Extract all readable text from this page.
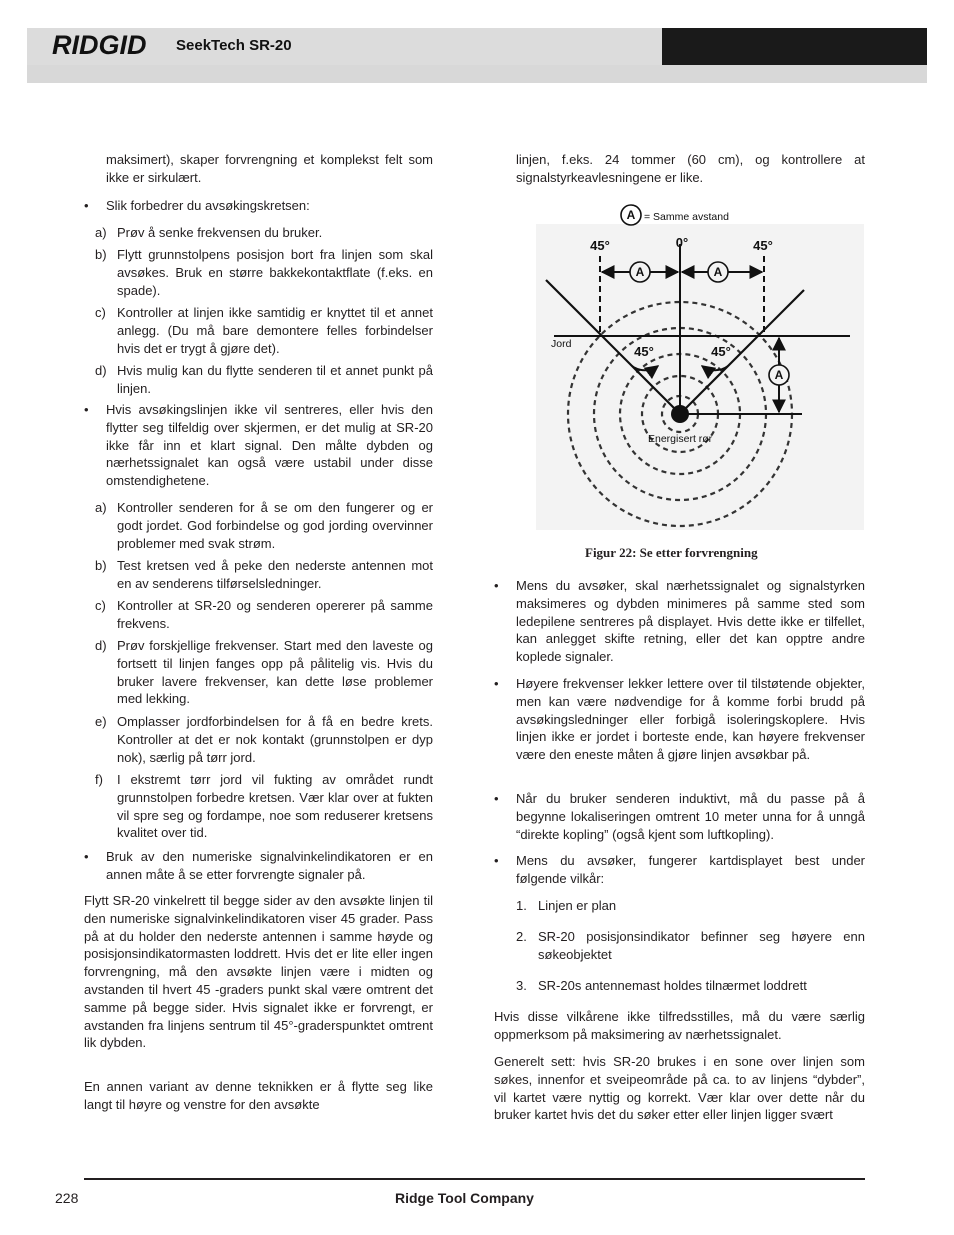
RIDGID SeekTech SR-20

maksimert), skaper forvrengning et komplekst felt som ikke er sirkulært.

• Slik forbedrer du avsøkingskretsen:

a) Prøv å senke frekvensen du bruker.

b) Flytt grunnstolpens posisjon bort fra linjen som skal avsøkes. Bruk en større bakkekontaktflate (f.eks. en spade).

c) Kontroller at linjen ikke samtidig er knyttet til et annet anlegg. (Du må bare demontere felles forbindelser hvis det er trygt å gjøre det).

d) Hvis mulig kan du flytte senderen til et annet punkt på linjen.

• Hvis avsøkingslinjen ikke vil sentreres, eller hvis den flytter seg tilfeldig over skjermen, er det mulig at SR-20 ikke får inn et klart signal. Den målte dybden og nærhetssignalet kan også være ustabil under disse omstendighetene.

a) Kontroller senderen for å se om den fungerer og er godt jordet. God forbindelse og god jording overvinner problemer med svak strøm.

b) Test kretsen ved å peke den nederste antennen mot en av senderens tilførselsledninger.

c) Kontroller at SR-20 og senderen opererer på samme frekvens.

d) Prøv forskjellige frekvenser. Start med den laveste og fortsett til linjen fanges opp på pålitelig vis. Hvis du bruker lavere frekvenser, kan dette løse problemer med lekking.

e) Omplasser jordforbindelsen for å få en bedre krets. Kontroller at det er nok kontakt (grunnstolpen er dyp nok), særlig på tørr jord.

f) I ekstremt tørr jord vil fukting av området rundt grunnstolpen forbedre kretsen. Vær klar over at fukten vil spre seg og fordampe, noe som reduserer kretsens kvalitet over tid.

• Bruk av den numeriske signalvinkelindikatoren er en annen måte å se etter forvrengte signaler på.

Flytt SR-20 vinkelrett til begge sider av den avsøkte linjen til den numeriske signalvinkelindikatoren viser 45 grader. Pass på at du holder den nederste antennen i samme høyde og posisjonsindikatormasten loddrett. Hvis det er lite eller ingen forvrengning, må den avsøkte linjen være i midten og avstanden til hvert 45 -graders punkt skal være omtrent det samme på begge sider. Hvis signalet ikke er forvrengt, er avstanden fra linjens sentrum til 45°-graderspunktet omtrent lik dybden.

En annen variant av denne teknikken er å flytte seg like langt til høyre og venstre for den avsøkte

linjen, f.eks. 24 tommer (60 cm), og kontrollere at signalstyrkeavlesningene er like.

• Mens du avsøker, skal nærhetssignalet og signalstyrken maksimeres og dybden minimeres på samme sted som ledepilene sentreres på displayet. Hvis dette ikke er tilfellet, kan anlegget skifte retning, eller det kan opptre andre koplede signaler.

• Høyere frekvenser lekker lettere over til tilstøtende objekter, men kan være nødvendige for å komme forbi brudd på avsøkingsledninger eller forbigå isoleringskoplere. Hvis linjen ikke er jordet i borteste ende, kan høyere frekvenser være den eneste måten å gjøre linjen avsøkbar på.

• Når du bruker senderen induktivt, må du passe på å begynne lokaliseringen omtrent 10 meter unna for å unngå “direkte kopling” (også kjent som luftkopling).

• Mens du avsøker, fungerer kartdisplayet best under følgende vilkår:

1. Linjen er plan

2. SR-20 posisjonsindikator befinner seg høyere enn søkeobjektet

3. SR-20s antennemast holdes tilnærmet loddrett

Hvis disse vilkårene ikke tilfredsstilles, må du være særlig oppmerksom på maksimering av nærhetssignalet.

Generelt sett: hvis SR-20 brukes i en sone over linjen som søkes, innenfor et sveipeområde på ca. to av linjens “dybder”, vil kartet være nyttig og korrekt. Vær klar over dette når du bruker kartet hvis det du søker etter eller linjen ligger svært

A	A
A
A
45°	0°	45°
45°	45°
= Samme avstand
Jord
Energisert rør
Figur 22: Se etter forvrengning
228	Ridge Tool Company
